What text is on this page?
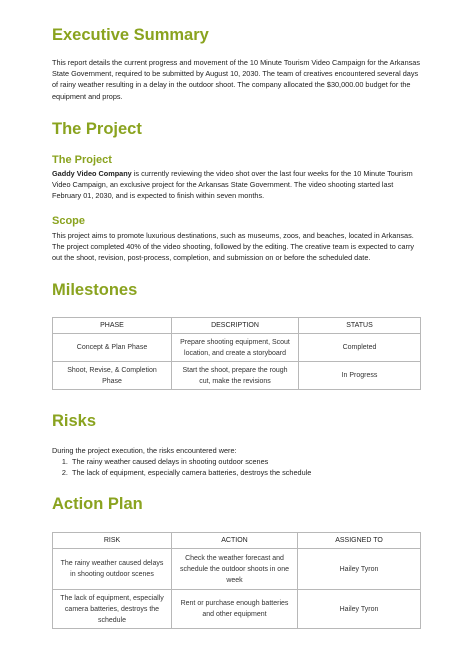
Executive Summary

This report details the current progress and movement of the 10 Minute Tourism Video Campaign for the Arkansas State Government, required to be submitted by August 10, 2030. The team of creatives encountered several days of rainy weather resulting in a delay in the outdoor shoot. The company allocated the $30,000.00 budget for the equipment and props.

The Project
The Project

Gaddy Video Company is currently reviewing the video shot over the last four weeks for the 10 Minute Tourism Video Campaign, an exclusive project for the Arkansas State Government. The video shooting started last February 01, 2030, and is expected to finish within seven months.

Scope

This project aims to promote luxurious destinations, such as museums, zoos, and beaches, located in Arkansas. The project completed 40% of the video shooting, followed by the editing. The creative team is expected to carry out the shoot, revision, post-process, completion, and submission on or before the scheduled date.

Milestones
PHASE	DESCRIPTION	STATUS
Concept & Plan Phase	Prepare shooting equipment, Scout location, and create a storyboard	Completed
Shoot, Revise, & Completion Phase	Start the shoot, prepare the rough cut, make the revisions	In Progress
Risks

During the project execution, the risks encountered were:

1. The rainy weather caused delays in shooting outdoor scenes
2. The lack of equipment, especially camera batteries, destroys the schedule
Action Plan
RISK	ACTION	ASSIGNED TO
The rainy weather caused delays in shooting outdoor scenes	Check the weather forecast and schedule the outdoor shoots in one week	Hailey Tyron
The lack of equipment, especially camera batteries, destroys the schedule	Rent or purchase enough batteries and other equipment	Hailey Tyron
